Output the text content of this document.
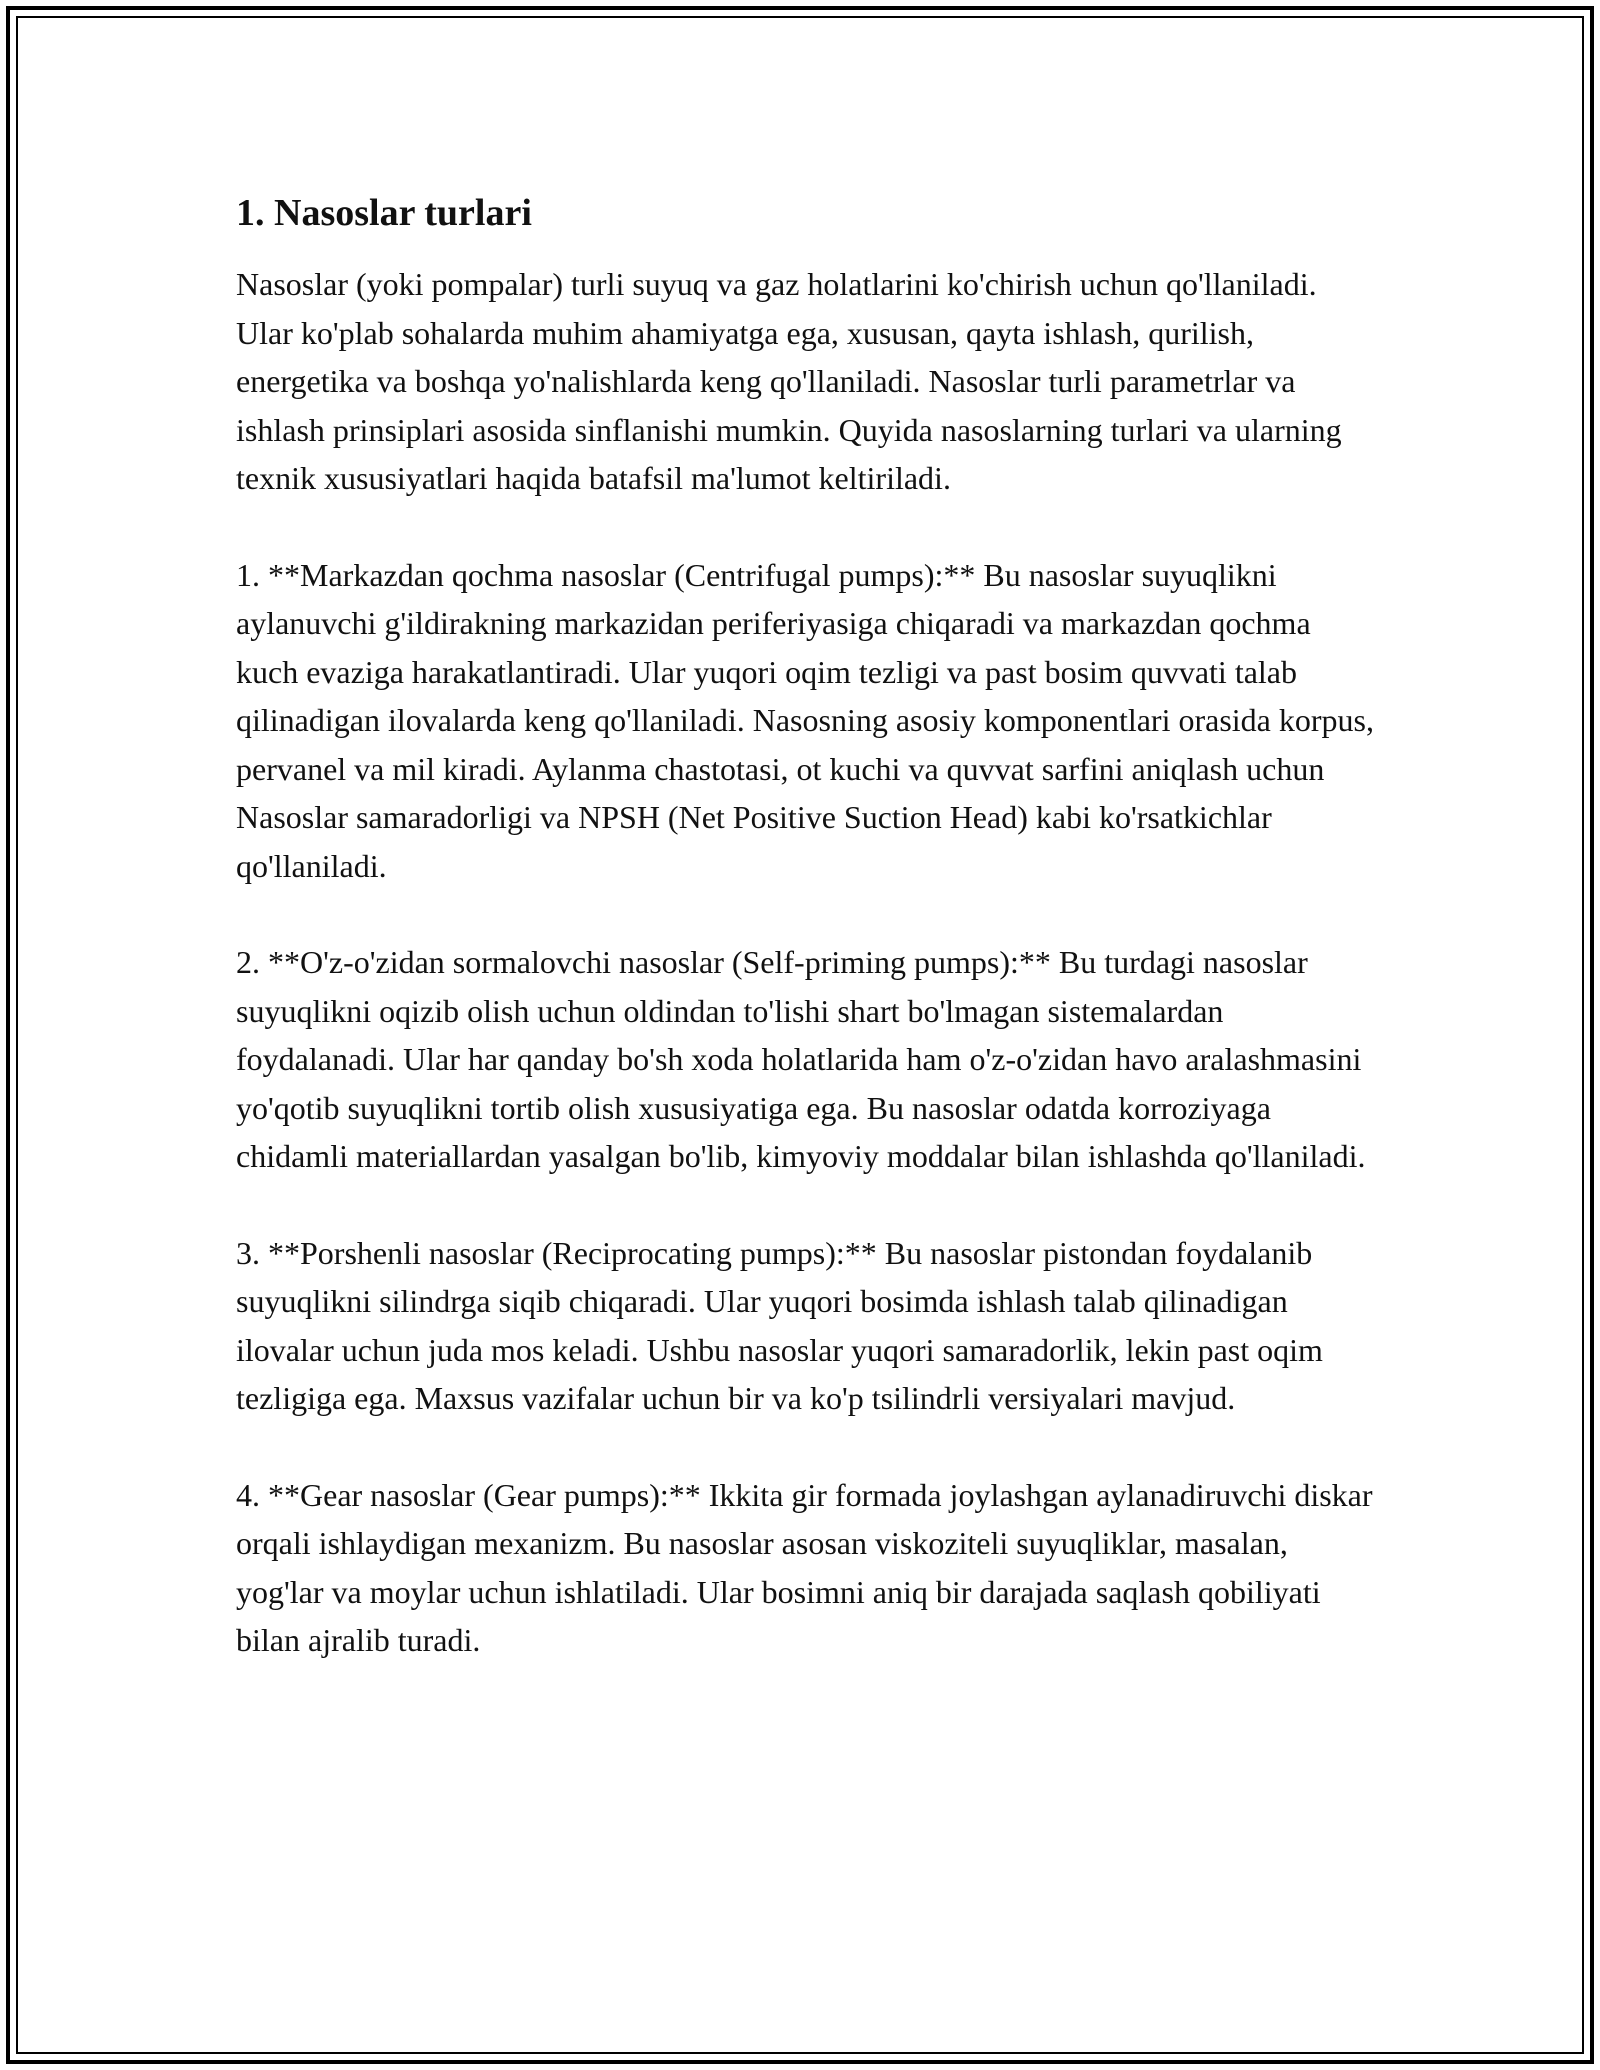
1. Nasoslar turlari

Nasoslar (yoki pompalar) turli suyuq va gaz holatlarini ko'chirish uchun qo'llaniladi. Ular ko'plab sohalarda muhim ahamiyatga ega, xususan, qayta ishlash, qurilish, energetika va boshqa yo'nalishlarda keng qo'llaniladi. Nasoslar turli parametrlar va ishlash prinsiplari asosida sinflanishi mumkin. Quyida nasoslarning turlari va ularning texnik xususiyatlari haqida batafsil ma'lumot keltiriladi.

1. **Markazdan qochma nasoslar (Centrifugal pumps):** Bu nasoslar suyuqlikni aylanuvchi g'ildirakning markazidan periferiyasiga chiqaradi va markazdan qochma kuch evaziga harakatlantiradi. Ular yuqori oqim tezligi va past bosim quvvati talab qilinadigan ilovalarda keng qo'llaniladi. Nasosning asosiy komponentlari orasida korpus, pervanel va mil kiradi. Aylanma chastotasi, ot kuchi va quvvat sarfini aniqlash uchun Nasoslar samaradorligi va NPSH (Net Positive Suction Head) kabi ko'rsatkichlar qo'llaniladi.

2. **O'z-o'zidan sormalovchi nasoslar (Self-priming pumps):** Bu turdagi nasoslar suyuqlikni oqizib olish uchun oldindan to'lishi shart bo'lmagan sistemalardan foydalanadi. Ular har qanday bo'sh xoda holatlarida ham o'z-o'zidan havo aralashmasini yo'qotib suyuqlikni tortib olish xususiyatiga ega. Bu nasoslar odatda korroziyaga chidamli materiallardan yasalgan bo'lib, kimyoviy moddalar bilan ishlashda qo'llaniladi.

3. **Porshenli nasoslar (Reciprocating pumps):** Bu nasoslar pistondan foydalanib suyuqlikni silindrga siqib chiqaradi. Ular yuqori bosimda ishlash talab qilinadigan ilovalar uchun juda mos keladi. Ushbu nasoslar yuqori samaradorlik, lekin past oqim tezligiga ega. Maxsus vazifalar uchun bir va ko'p tsilindrli versiyalari mavjud.

4. **Gear nasoslar (Gear pumps):** Ikkita gir formada joylashgan aylanadiruvchi diskar orqali ishlaydigan mexanizm. Bu nasoslar asosan viskoziteli suyuqliklar, masalan, yog'lar va moylar uchun ishlatiladi. Ular bosimni aniq bir darajada saqlash qobiliyati bilan ajralib turadi.
